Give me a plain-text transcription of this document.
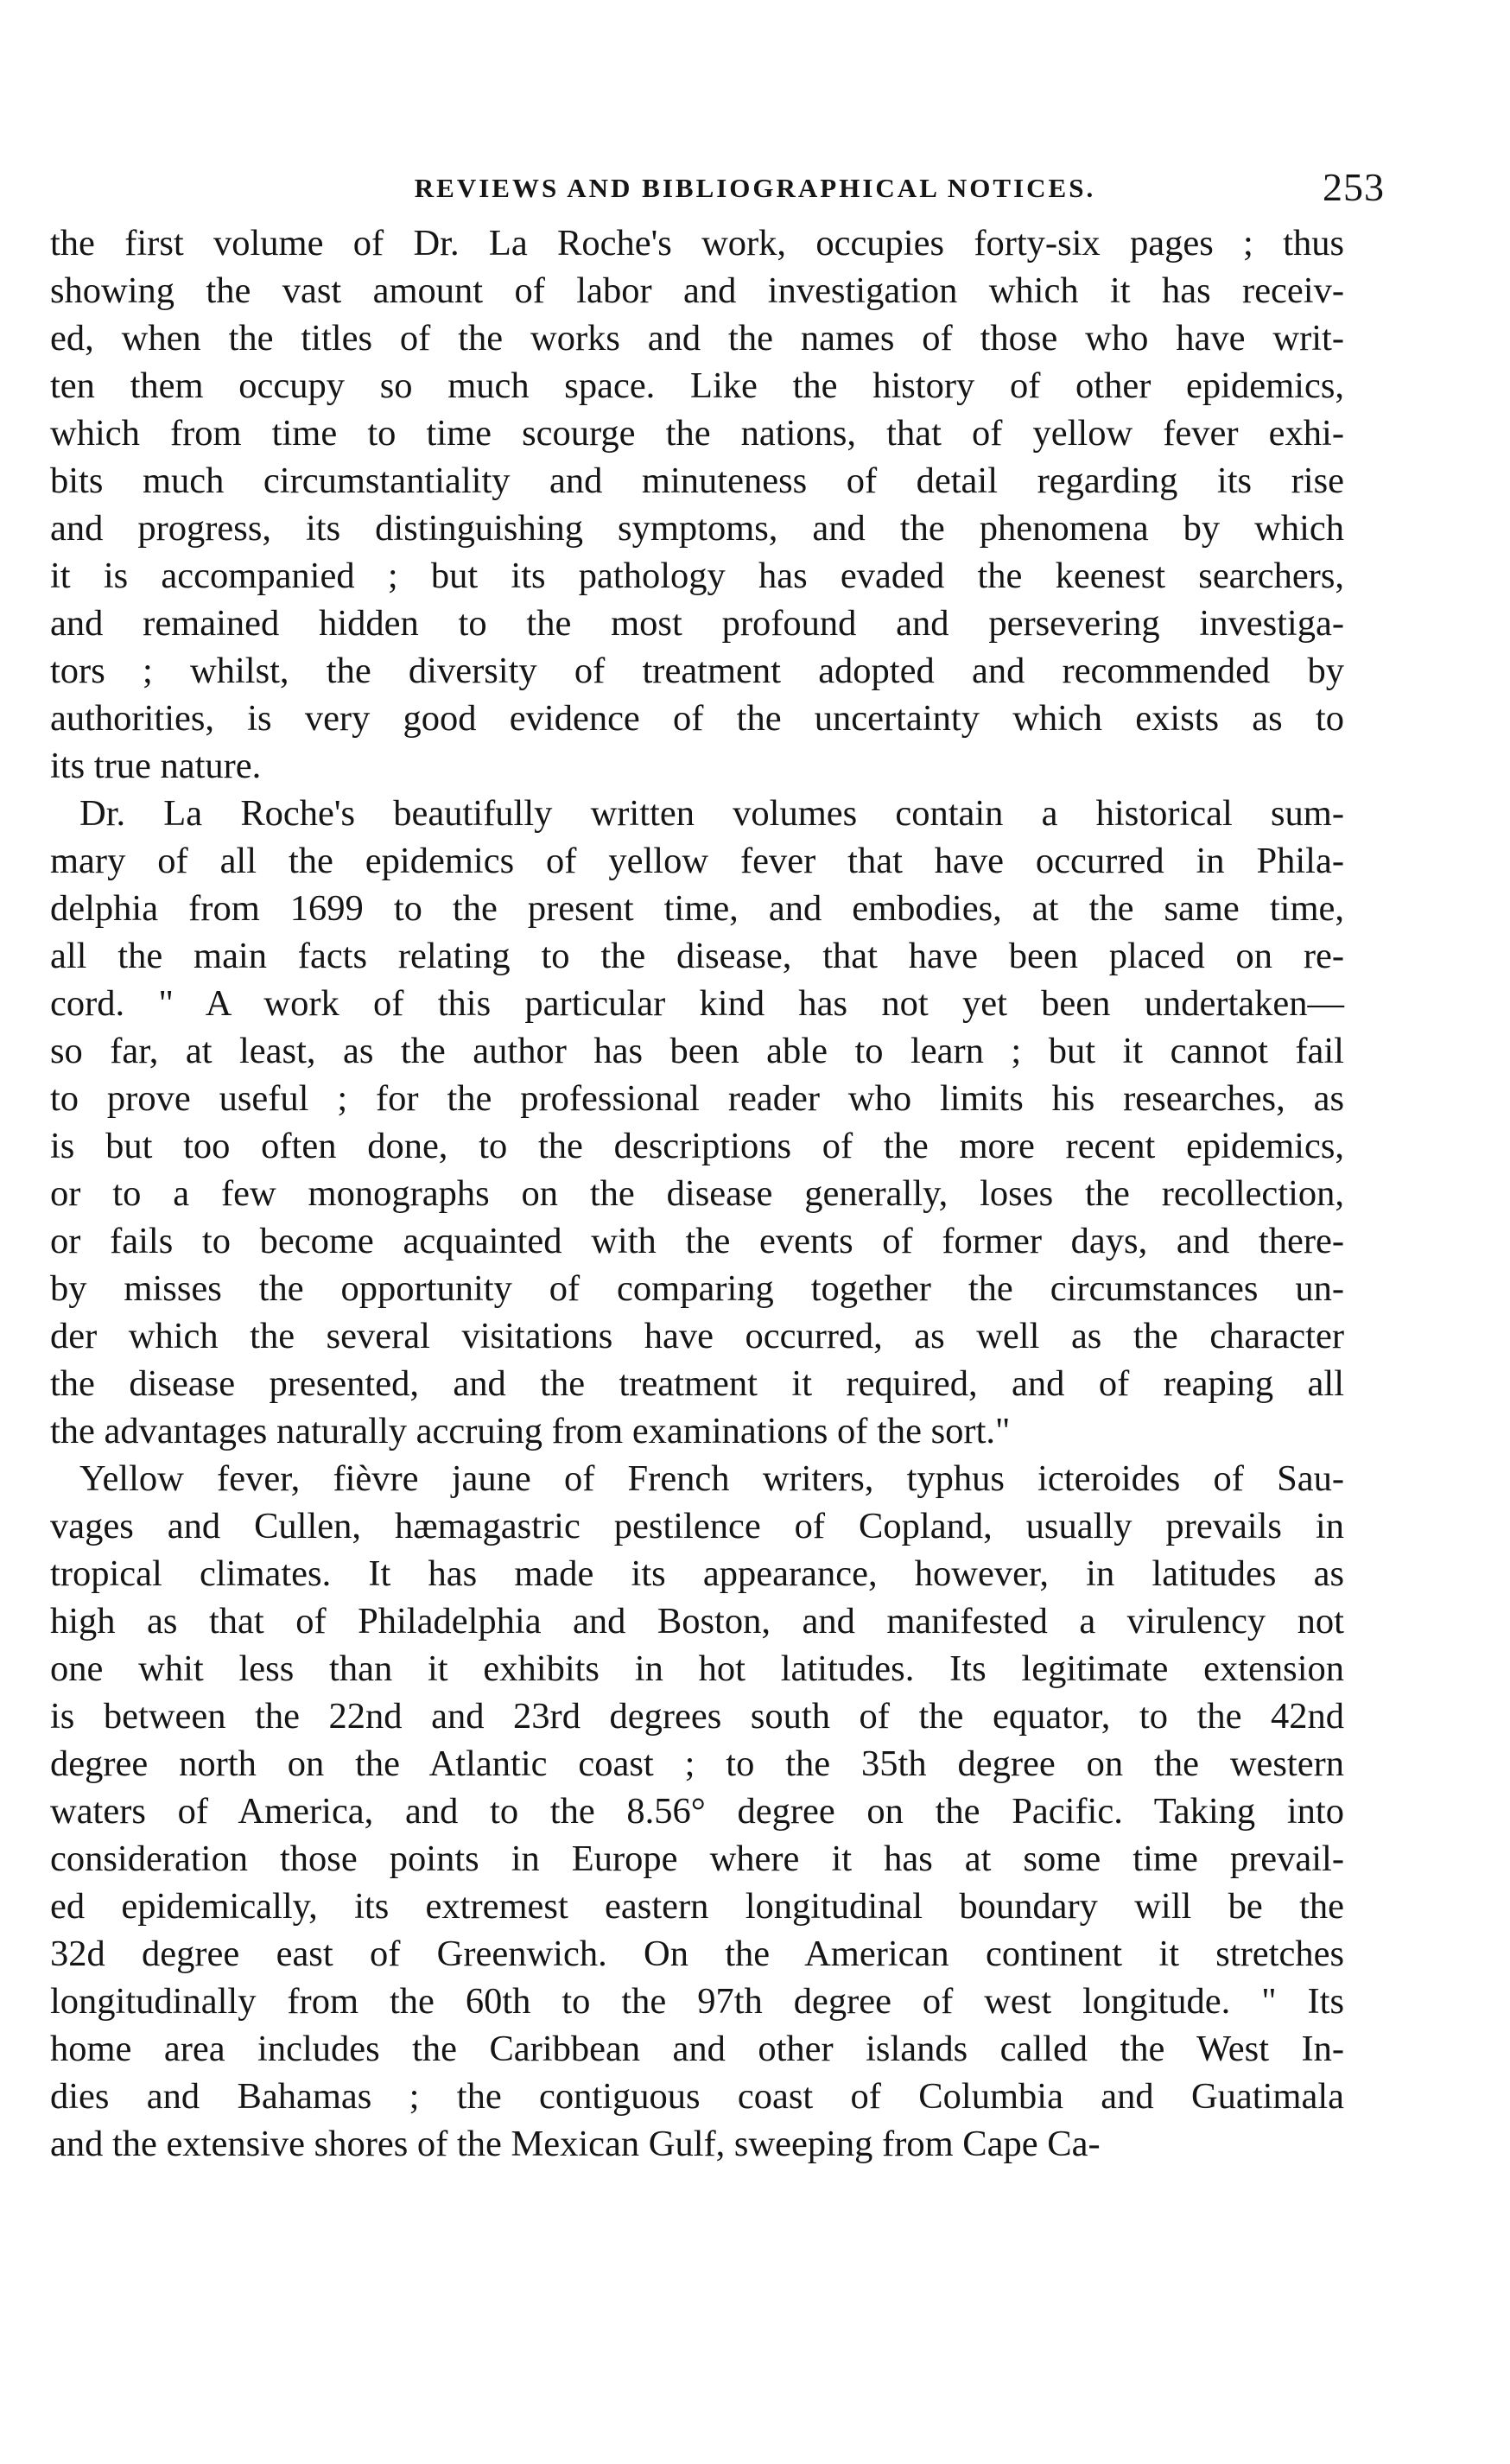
REVIEWS AND BIBLIOGRAPHICAL NOTICES.	253
the first volume of Dr. La Roche's work, occupies forty-six pages ; thus
showing the vast amount of labor and investigation which it has receiv-
ed, when the titles of the works and the names of those who have writ-
ten them occupy so much space. Like the history of other epidemics,
which from time to time scourge the nations, that of yellow fever exhi-
bits much circumstantiality and minuteness of detail regarding its rise
and progress, its distinguishing symptoms, and the phenomena by which
it is accompanied ; but its pathology has evaded the keenest searchers,
and remained hidden to the most profound and persevering investiga-
tors ; whilst, the diversity of treatment adopted and recommended by
authorities, is very good evidence of the uncertainty which exists as to
its true nature.
Dr. La Roche's beautifully written volumes contain a historical sum-
mary of all the epidemics of yellow fever that have occurred in Phila-
delphia from 1699 to the present time, and embodies, at the same time,
all the main facts relating to the disease, that have been placed on re-
cord. " A work of this particular kind has not yet been undertaken—
so far, at least, as the author has been able to learn ; but it cannot fail
to prove useful ; for the professional reader who limits his researches, as
is but too often done, to the descriptions of the more recent epidemics,
or to a few monographs on the disease generally, loses the recollection,
or fails to become acquainted with the events of former days, and there-
by misses the opportunity of comparing together the circumstances un-
der which the several visitations have occurred, as well as the character
the disease presented, and the treatment it required, and of reaping all
the advantages naturally accruing from examinations of the sort."
Yellow fever, fièvre jaune of French writers, typhus icteroides of Sau-
vages and Cullen, hæmagastric pestilence of Copland, usually prevails in
tropical climates. It has made its appearance, however, in latitudes as
high as that of Philadelphia and Boston, and manifested a virulency not
one whit less than it exhibits in hot latitudes. Its legitimate extension
is between the 22nd and 23rd degrees south of the equator, to the 42nd
degree north on the Atlantic coast ; to the 35th degree on the western
waters of America, and to the 8.56° degree on the Pacific. Taking into
consideration those points in Europe where it has at some time prevail-
ed epidemically, its extremest eastern longitudinal boundary will be the
32d degree east of Greenwich. On the American continent it stretches
longitudinally from the 60th to the 97th degree of west longitude. " Its
home area includes the Caribbean and other islands called the West In-
dies and Bahamas ; the contiguous coast of Columbia and Guatimala
and the extensive shores of the Mexican Gulf, sweeping from Cape Ca-
